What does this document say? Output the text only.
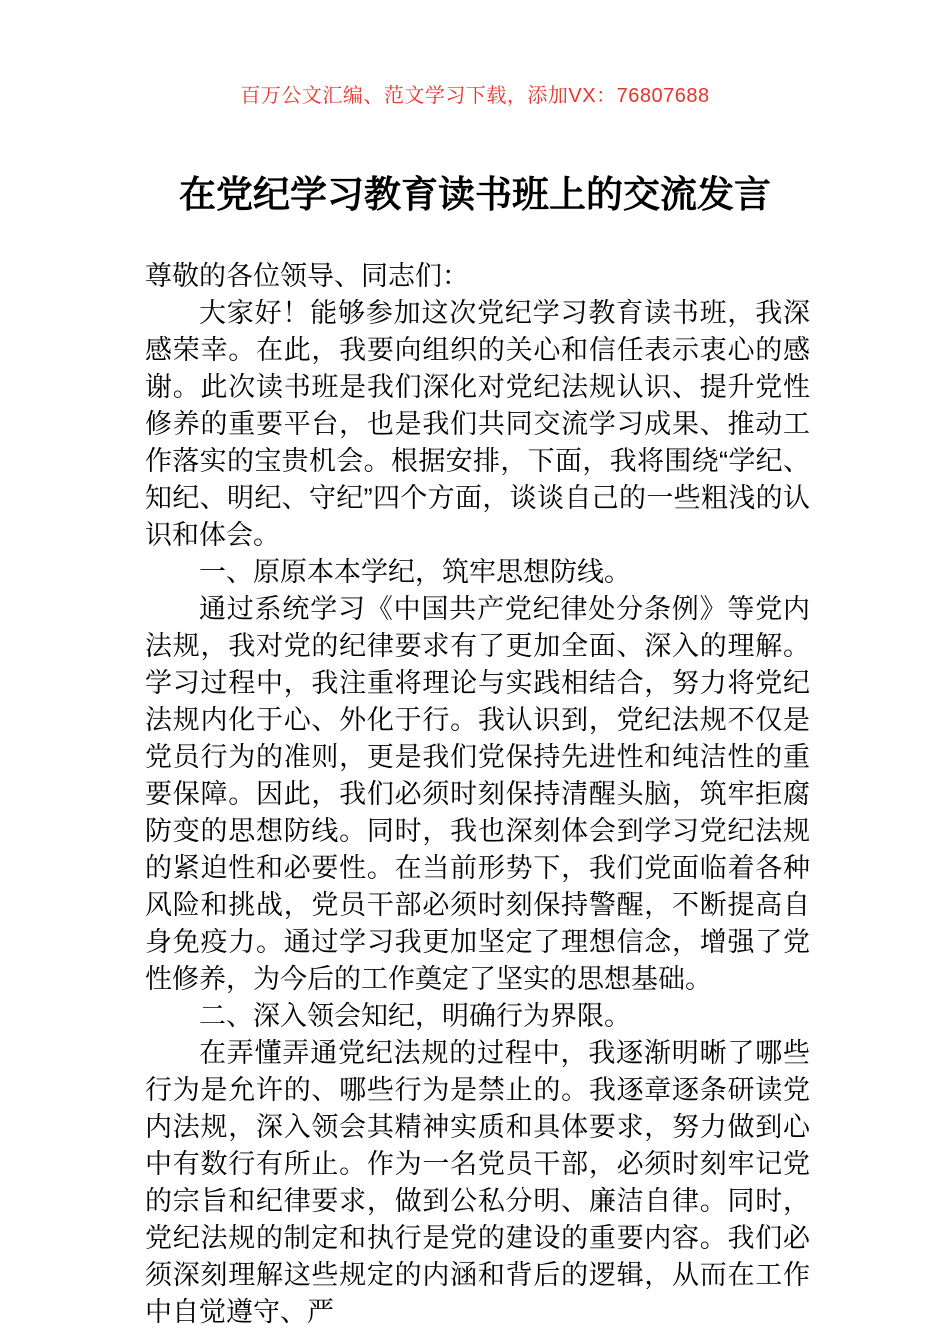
百万公文汇编、范文学习下载，添加VX：76807688
在党纪学习教育读书班上的交流发言

尊敬的各位领导、同志们：

大家好！能够参加这次党纪学习教育读书班，我深感荣幸。在此，我要向组织的关心和信任表示衷心的感谢。此次读书班是我们深化对党纪法规认识、提升党性修养的重要平台，也是我们共同交流学习成果、推动工作落实的宝贵机会。根据安排，下面，我将围绕“学纪、知纪、明纪、守纪”四个方面，谈谈自己的一些粗浅的认识和体会。

一、原原本本学纪，筑牢思想防线。

通过系统学习《中国共产党纪律处分条例》等党内法规，我对党的纪律要求有了更加全面、深入的理解。学习过程中，我注重将理论与实践相结合，努力将党纪法规内化于心、外化于行。我认识到，党纪法规不仅是党员行为的准则，更是我们党保持先进性和纯洁性的重要保障。因此，我们必须时刻保持清醒头脑，筑牢拒腐防变的思想防线。同时，我也深刻体会到学习党纪法规的紧迫性和必要性。在当前形势下，我们党面临着各种风险和挑战，党员干部必须时刻保持警醒，不断提高自身免疫力。通过学习我更加坚定了理想信念，增强了党性修养，为今后的工作奠定了坚实的思想基础。

二、深入领会知纪，明确行为界限。

在弄懂弄通党纪法规的过程中，我逐渐明晰了哪些行为是允许的、哪些行为是禁止的。我逐章逐条研读党内法规，深入领会其精神实质和具体要求，努力做到心中有数行有所止。作为一名党员干部，必须时刻牢记党的宗旨和纪律要求，做到公私分明、廉洁自律。同时，党纪法规的制定和执行是党的建设的重要内容。我们必须深刻理解这些规定的内涵和背后的逻辑，从而在工作中自觉遵守、严
